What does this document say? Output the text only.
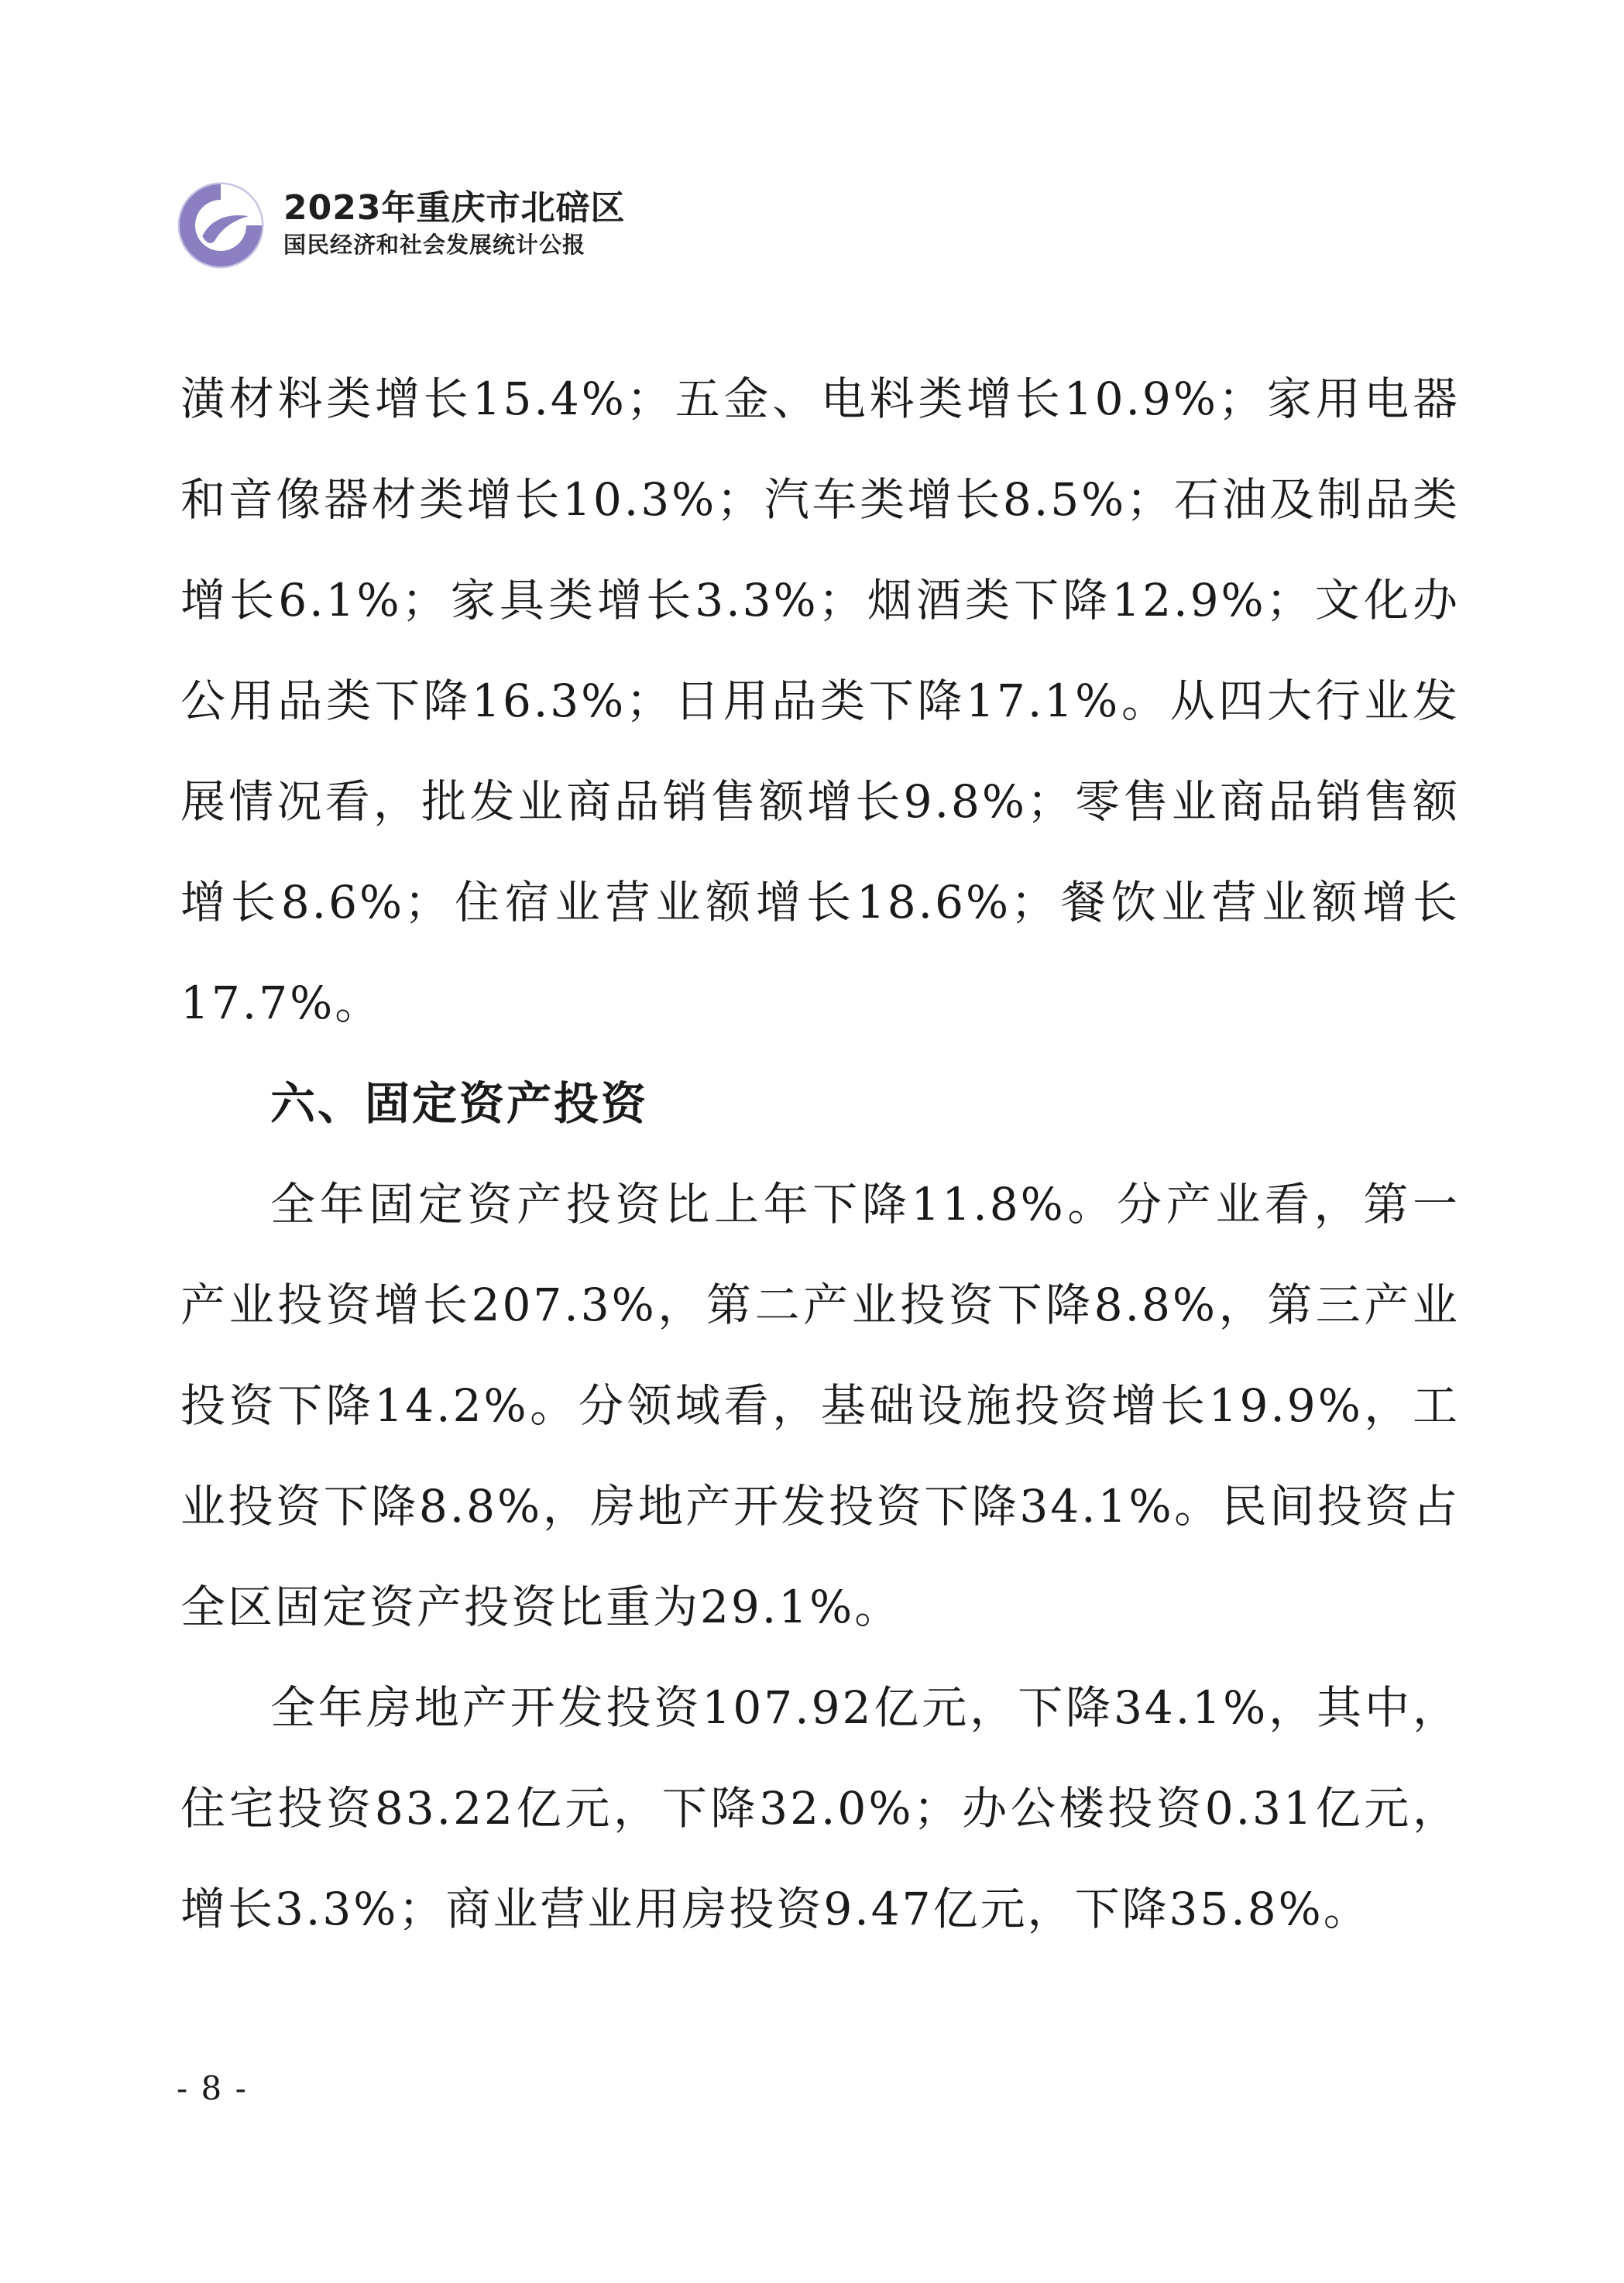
2023年重庆市北碚区
国民经济和社会发展统计公报

潢材料类增长15.4%；五金、电料类增长10.9%；家用电器和音像器材类增长10.3%；汽车类增长8.5%；石油及制品类增长6.1%；家具类增长3.3%；烟酒类下降12.9%；文化办公用品类下降16.3%；日用品类下降17.1%。从四大行业发展情况看，批发业商品销售额增长9.8%；零售业商品销售额增长8.6%；住宿业营业额增长18.6%；餐饮业营业额增长17.7%。

六、固定资产投资

全年固定资产投资比上年下降11.8%。分产业看，第一产业投资增长207.3%，第二产业投资下降8.8%，第三产业投资下降14.2%。分领域看，基础设施投资增长19.9%，工业投资下降8.8%，房地产开发投资下降34.1%。民间投资占全区固定资产投资比重为29.1%。

全年房地产开发投资107.92亿元，下降34.1%，其中，住宅投资83.22亿元，下降32.0%；办公楼投资0.31亿元，增长3.3%；商业营业用房投资9.47亿元，下降35.8%。

- 8 -
